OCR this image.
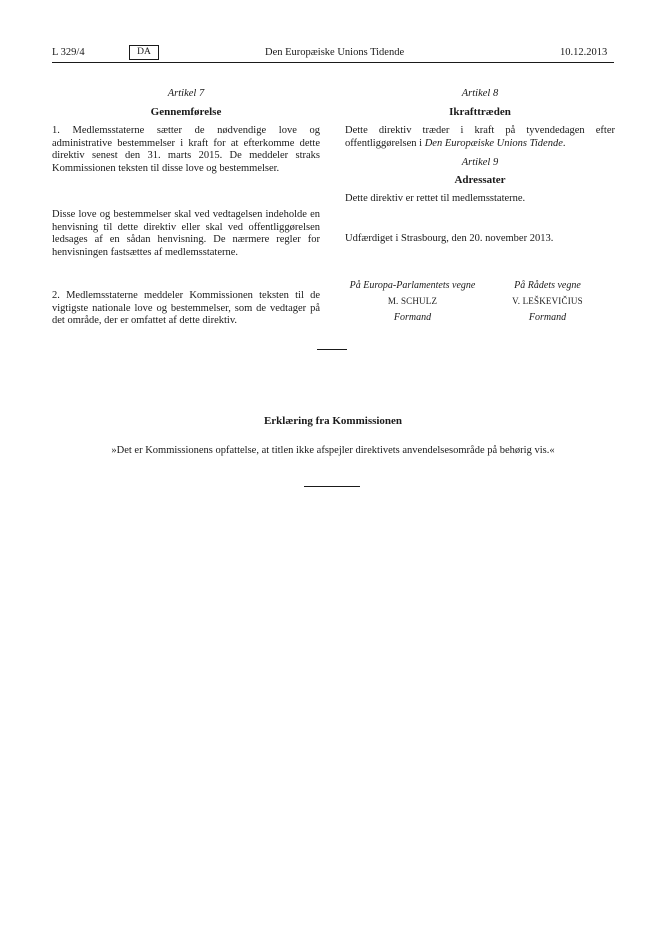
L 329/4	DA	Den Europæiske Unions Tidende	10.12.2013
Artikel 7
Gennemførelse
1. Medlemsstaterne sætter de nødvendige love og administrative bestemmelser i kraft for at efterkomme dette direktiv senest den 31. marts 2015. De meddeler straks Kommissionen teksten til disse love og bestemmelser.
Disse love og bestemmelser skal ved vedtagelsen indeholde en henvisning til dette direktiv eller skal ved offentliggørelsen ledsages af en sådan henvisning. De nærmere regler for henvisningen fastsættes af medlemsstaterne.
2. Medlemsstaterne meddeler Kommissionen teksten til de vigtigste nationale love og bestemmelser, som de vedtager på det område, der er omfattet af dette direktiv.
Artikel 8
Ikrafttræden
Dette direktiv træder i kraft på tyvendedagen efter offentliggørelsen i Den Europæiske Unions Tidende.
Artikel 9
Adressater
Dette direktiv er rettet til medlemsstaterne.
Udfærdiget i Strasbourg, den 20. november 2013.
På Europa-Parlamentets vegne
M. SCHULZ
Formand
På Rådets vegne
V. LEŠKEVIČIUS
Formand
Erklæring fra Kommissionen
»Det er Kommissionens opfattelse, at titlen ikke afspejler direktivets anvendelsesområde på behørig vis.«
